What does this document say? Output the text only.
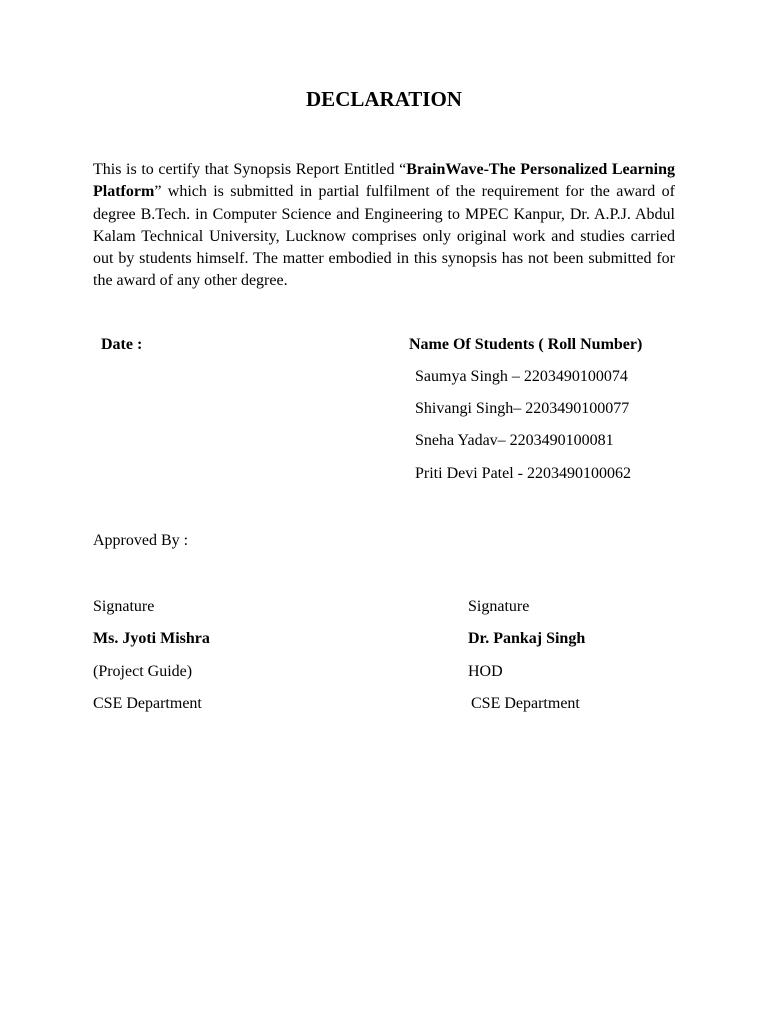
DECLARATION

This is to certify that Synopsis Report Entitled “BrainWave-The Personalized Learning Platform” which is submitted in partial fulfilment of the requirement for the award of degree B.Tech. in Computer Science and Engineering to MPEC Kanpur, Dr. A.P.J. Abdul Kalam Technical University, Lucknow comprises only original work and studies carried out by students himself. The matter embodied in this synopsis has not been submitted for the award of any other degree.

Date :	Name Of Students ( Roll Number)
Saumya Singh – 2203490100074
Shivangi Singh– 2203490100077
Sneha Yadav– 2203490100081
Priti Devi Patel - 2203490100062
Approved By :
Signature
Ms. Jyoti Mishra
(Project Guide)
CSE Department
Signature
Dr. Pankaj Singh
HOD
CSE Department
